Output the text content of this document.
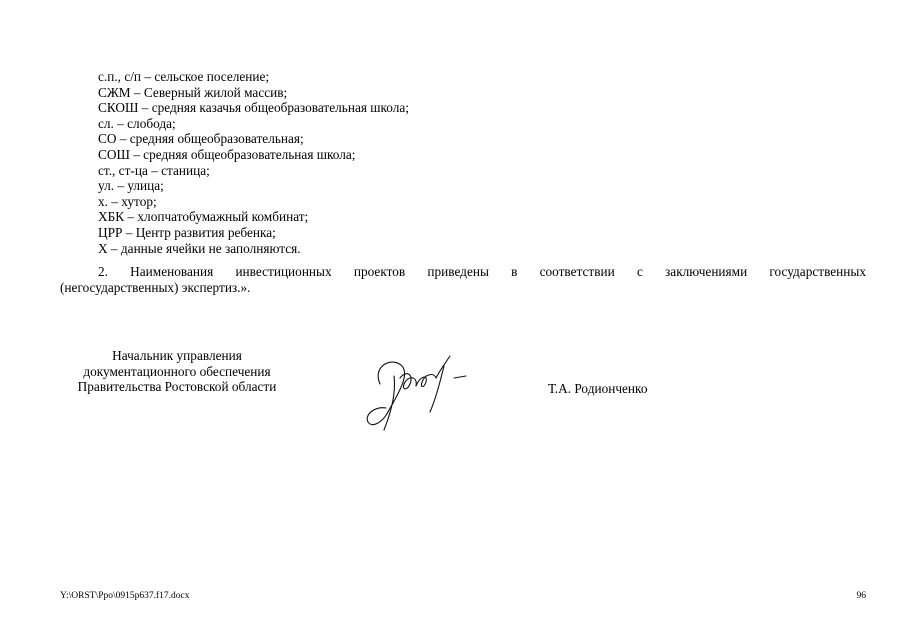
с.п., с/п – сельское поселение;
СЖМ – Северный жилой массив;
СКОШ – средняя казачья общеобразовательная школа;
сл. – слобода;
СО – средняя общеобразовательная;
СОШ – средняя общеобразовательная школа;
ст., ст-ца – станица;
ул. – улица;
х. – хутор;
ХБК – хлопчатобумажный комбинат;
ЦРР – Центр развития ребенка;
Х – данные ячейки не заполняются.
2. Наименования инвестиционных проектов приведены в соответствии с заключениями государственных
(негосударственных) экспертиз.».
Начальник управления
документационного обеспечения
Правительства Ростовской области	Т.А. Родионченко
Y:\ORST\Ppo\0915p637.f17.docx	96
